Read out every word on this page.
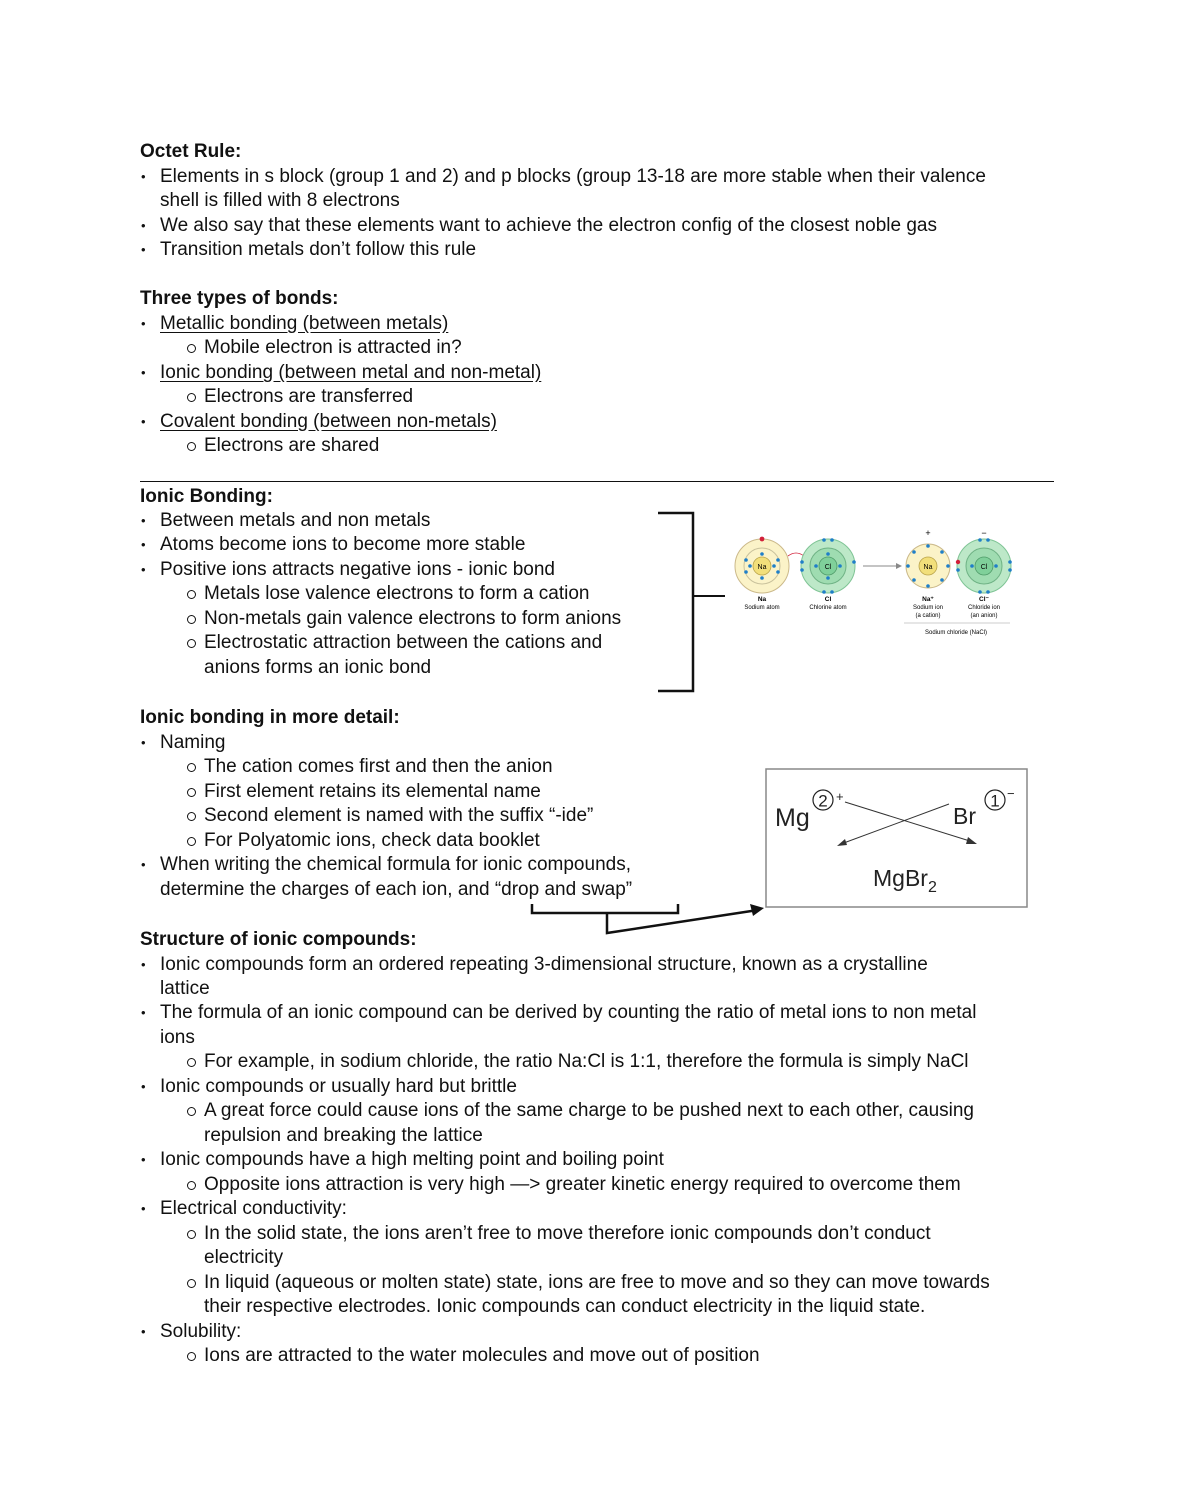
Octet Rule:
• Elements in s block (group 1 and 2) and p blocks (group 13-18 are more stable when their valence
shell is filled with 8 electrons
• We also say that these elements want to achieve the electron config of the closest noble gas
• Transition metals don’t follow this rule
Three types of bonds:
• Metallic bonding (between metals)
Mobile electron is attracted in?
• Ionic bonding (between metal and non-metal)
Electrons are transferred
• Covalent bonding (between non-metals)
Electrons are shared
Ionic Bonding:
• Between metals and non metals
• Atoms become ions to become more stable
• Positive ions attracts negative ions - ionic bond
Metals lose valence electrons to form a cation
Non-metals gain valence electrons to form anions
Electrostatic attraction between the cations and
anions forms an ionic bond
Na	Cl
+
Na
−
Cl
Na
Sodium atom
Cl
Chlorine atom
Na⁺
Sodium ion
(a cation)
Cl⁻
Chloride ion
(an anion)
Sodium chloride (NaCl)
Ionic bonding in more detail:
• Naming
The cation comes first and then the anion
First element retains its elemental name
Second element is named with the suffix “-ide”
For Polyatomic ions, check data booklet
• When writing the chemical formula for ionic compounds,
determine the charges of each ion, and “drop and swap”
Mg
2 +
Br
1 −
MgBr$_2$
Structure of ionic compounds:
• Ionic compounds form an ordered repeating 3-dimensional structure, known as a crystalline
lattice
• The formula of an ionic compound can be derived by counting the ratio of metal ions to non metal
ions
For example, in sodium chloride, the ratio Na:Cl is 1:1, therefore the formula is simply NaCl
• Ionic compounds or usually hard but brittle
A great force could cause ions of the same charge to be pushed next to each other, causing
repulsion and breaking the lattice
• Ionic compounds have a high melting point and boiling point
Opposite ions attraction is very high —> greater kinetic energy required to overcome them
• Electrical conductivity:
In the solid state, the ions aren’t free to move therefore ionic compounds don’t conduct
electricity
In liquid (aqueous or molten state) state, ions are free to move and so they can move towards
their respective electrodes. Ionic compounds can conduct electricity in the liquid state.
• Solubility:
Ions are attracted to the water molecules and move out of position
